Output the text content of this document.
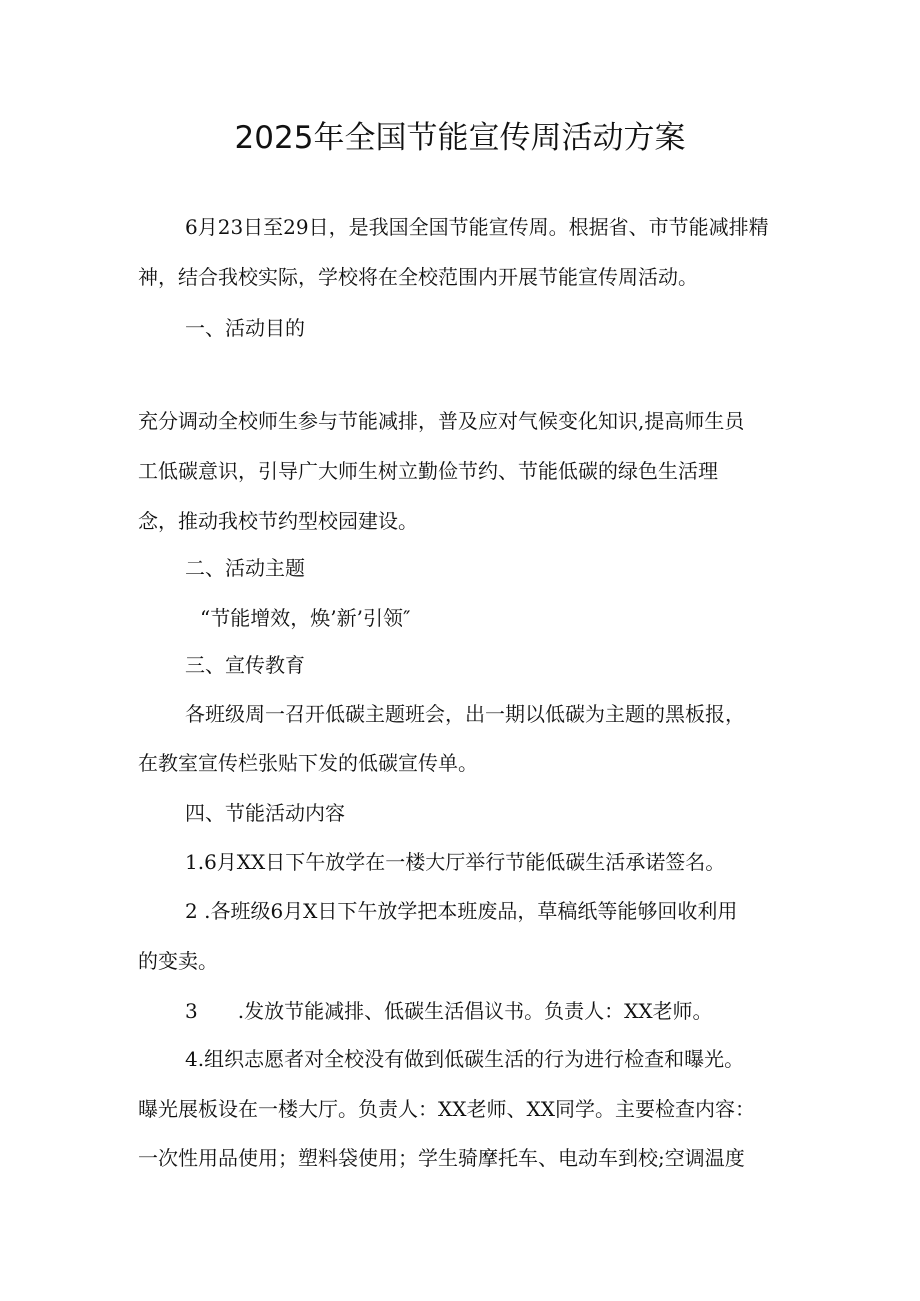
2025年全国节能宣传周活动方案

6月23日至29日，是我国全国节能宣传周。根据省、市节能减排精

神，结合我校实际，学校将在全校范围内开展节能宣传周活动。

一、活动目的

充分调动全校师生参与节能减排，普及应对气候变化知识,提高师生员

工低碳意识，引导广大师生树立勤俭节约、节能低碳的绿色生活理

念，推动我校节约型校园建设。

二、活动主题

“节能增效，焕’新’引领″

三、宣传教育

各班级周一召开低碳主题班会，出一期以低碳为主题的黑板报，

在教室宣传栏张贴下发的低碳宣传单。

四、节能活动内容

1.6月XX日下午放学在一楼大厅举行节能低碳生活承诺签名。

2 .各班级6月X日下午放学把本班废品，草稿纸等能够回收利用

的变卖。

3　　.发放节能减排、低碳生活倡议书。负责人：XX老师。

4.组织志愿者对全校没有做到低碳生活的行为进行检查和曝光。

曝光展板设在一楼大厅。负责人：XX老师、XX同学。主要检查内容：

一次性用品使用；塑料袋使用；学生骑摩托车、电动车到校;空调温度
